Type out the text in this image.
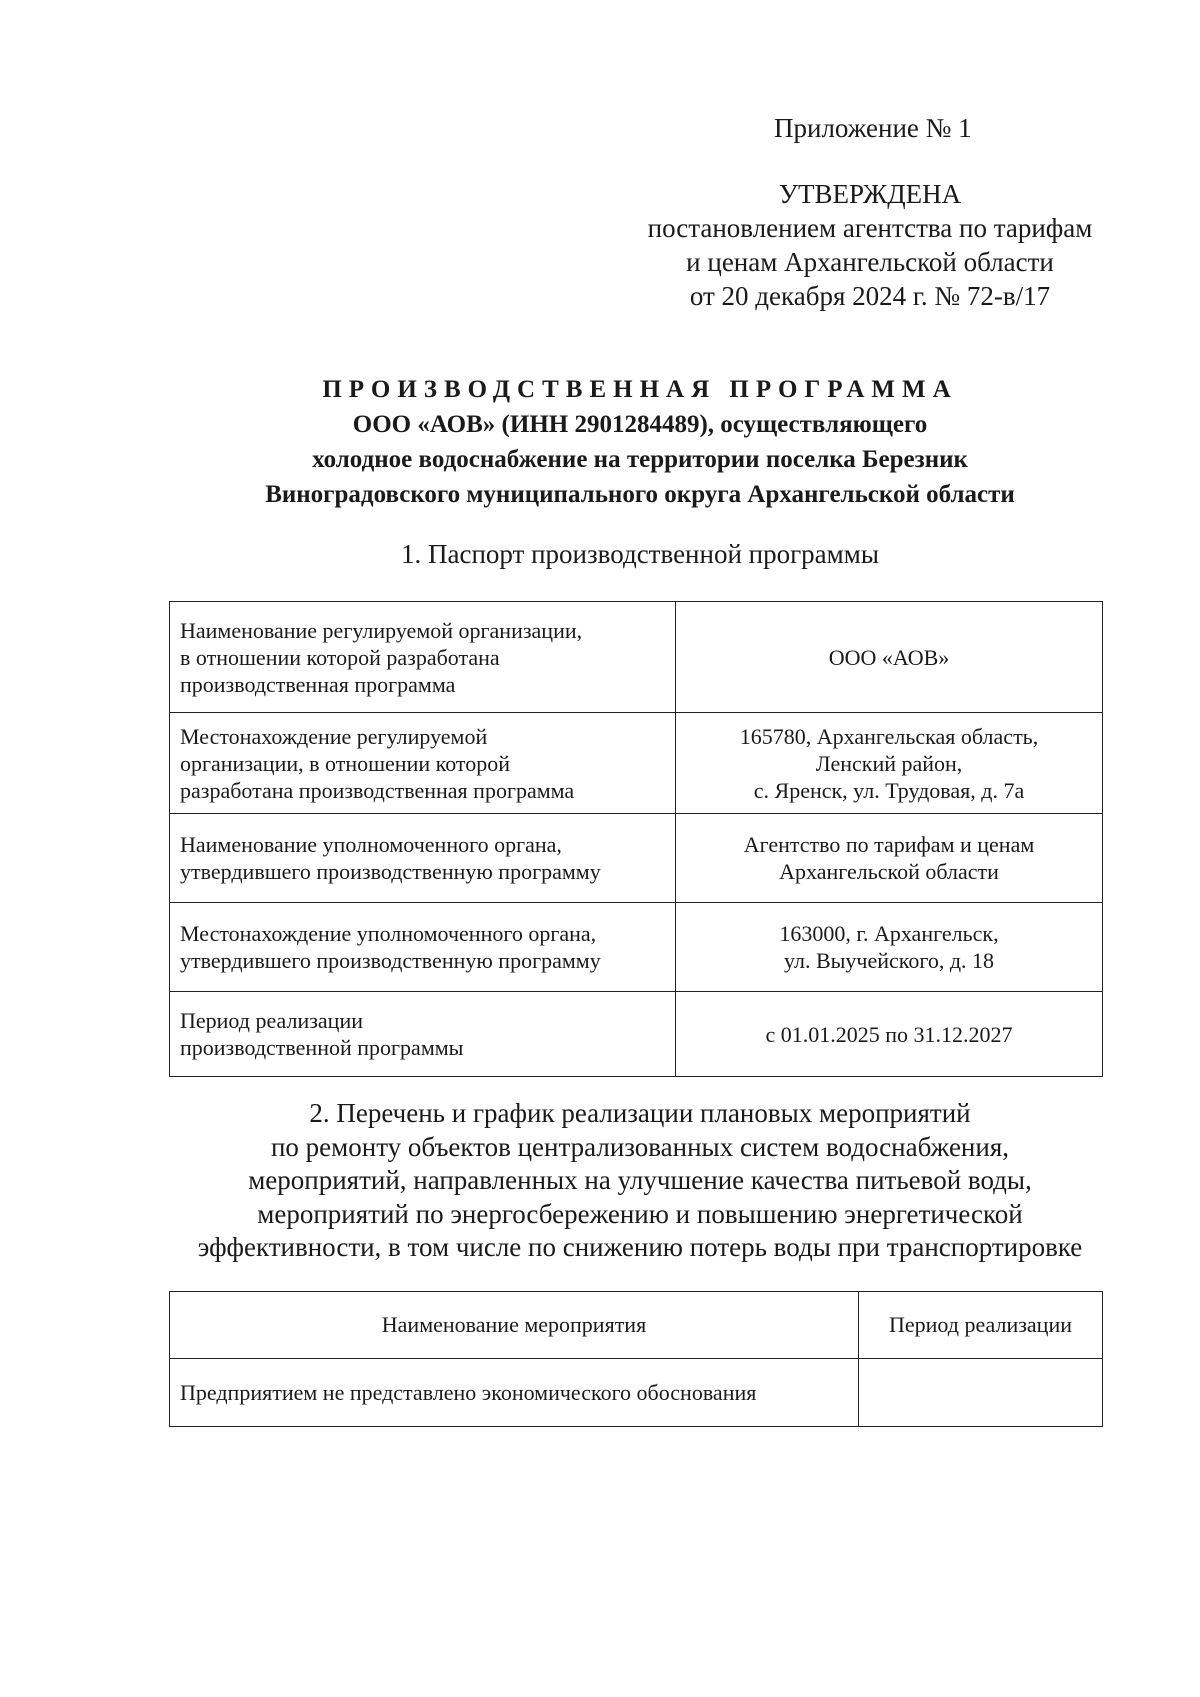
Приложение № 1
УТВЕРЖДЕНА
постановлением агентства по тарифам
и ценам Архангельской области
от 20 декабря 2024 г. № 72-в/17
ПРОИЗВОДСТВЕННАЯ ПРОГРАММА
ООО «АОВ» (ИНН 2901284489), осуществляющего
холодное водоснабжение на территории поселка Березник
Виноградовского муниципального округа Архангельской области
1. Паспорт производственной программы
Наименование регулируемой организации,
в отношении которой разработана
производственная программа	ООО «АОВ»

Местонахождение регулируемой
организации, в отношении которой
разработана производственная программа	165780, Архангельская область,
Ленский район,
с. Яренск, ул. Трудовая, д. 7а

Наименование уполномоченного органа,
утвердившего производственную программу	Агентство по тарифам и ценам
Архангельской области

Местонахождение уполномоченного органа,
утвердившего производственную программу	163000, г. Архангельск,
ул. Выучейского, д. 18

Период реализации
производственной программы	с 01.01.2025 по 31.12.2027
2. Перечень и график реализации плановых мероприятий
по ремонту объектов централизованных систем водоснабжения,
мероприятий, направленных на улучшение качества питьевой воды,
мероприятий по энергосбережению и повышению энергетической
эффективности, в том числе по снижению потерь воды при транспортировке
Наименование мероприятия	Период реализации
Предприятием не представлено экономического обоснования	
